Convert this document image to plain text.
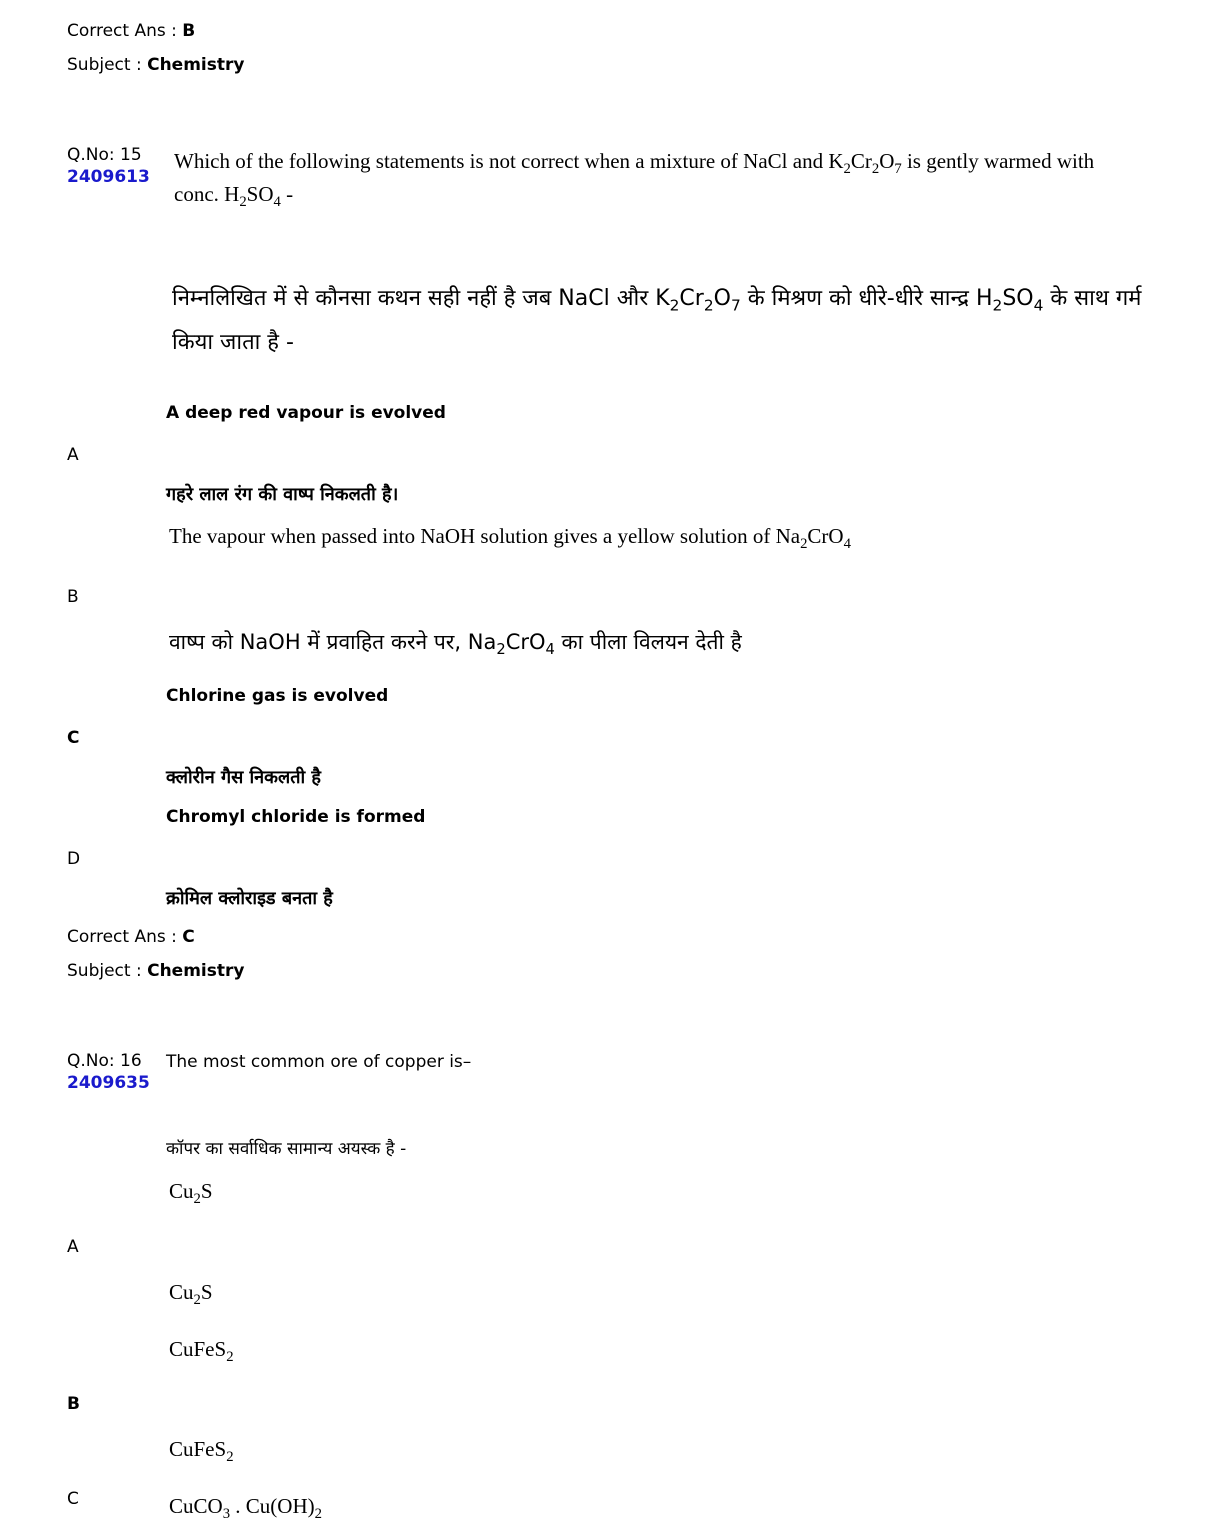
Correct Ans : B
Subject : Chemistry
Q.No: 15
2409613
Which of the following statements is not correct when a mixture of NaCl and $K_2Cr_2O_7$ is gently warmed with conc. $H_2SO_4$ -
निम्नलिखित में से कौनसा कथन सही नहीं है जब NaCl और $K_2Cr_2O_7$ के मिश्रण को धीरे-धीरे सान्द्र $H_2SO_4$ के साथ गर्म किया जाता है -
A deep red vapour is evolved
A
गहरे लाल रंग की वाष्प निकलती है।
The vapour when passed into NaOH solution gives a yellow solution of $Na_2CrO_4$
B
वाष्प को NaOH में प्रवाहित करने पर, $Na_2CrO_4$ का पीला विलयन देती है
Chlorine gas is evolved
C
क्लोरीन गैस निकलती है
Chromyl chloride is formed
D
क्रोमिल क्लोराइड बनता है
Correct Ans : C
Subject : Chemistry
Q.No: 16
2409635
The most common ore of copper is–
कॉपर का सर्वाधिक सामान्य अयस्क है -
$Cu_2S$
A
$Cu_2S$
CuFeS$_2$
B
CuFeS$_2$
C	CuCO$_3$ . $Cu(OH)_2$
